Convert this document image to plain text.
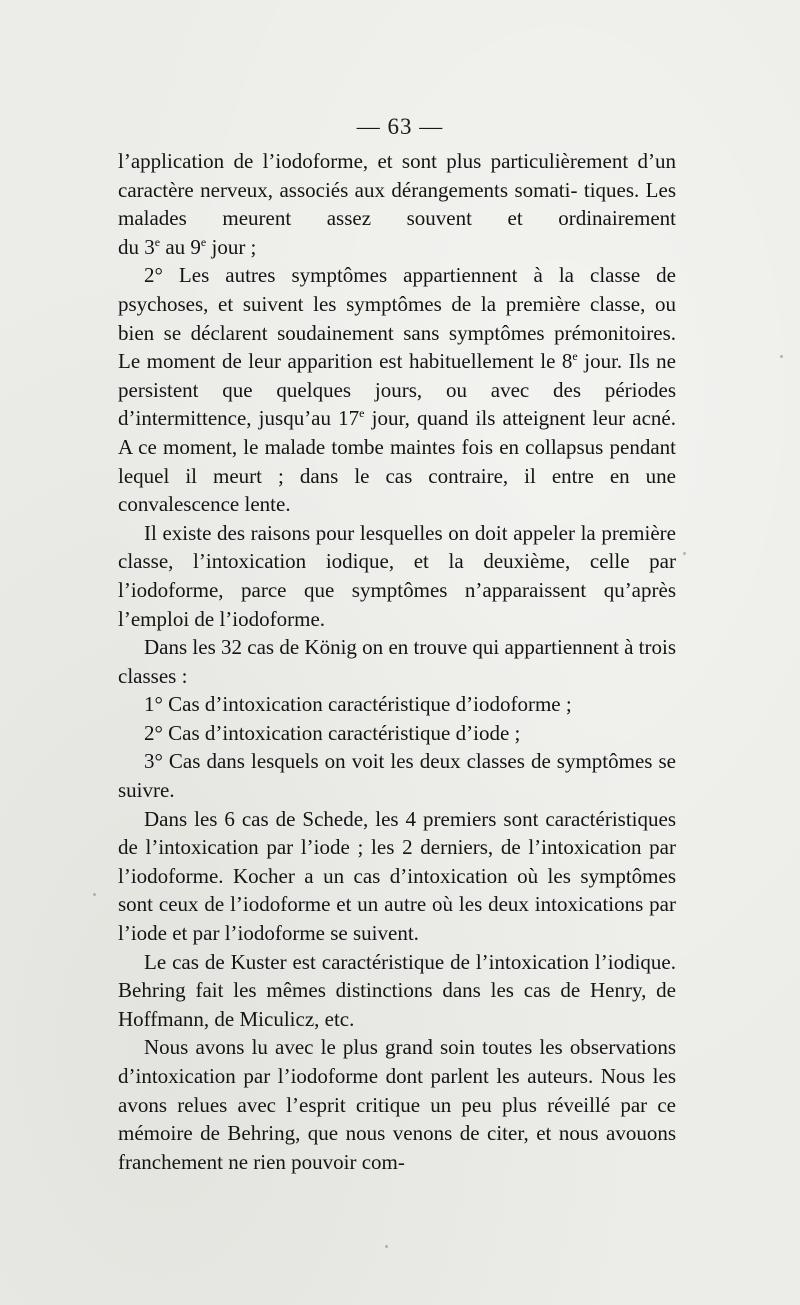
— 63 —

l’application de l’iodoforme, et sont plus particulièrement d’un caractère nerveux, associés aux dérangements somati- tiques. Les malades meurent assez souvent et ordinairement

du 3e au 9e jour ;

2° Les autres symptômes appartiennent à la classe de psychoses, et suivent les symptômes de la première classe, ou bien se déclarent soudainement sans symptômes prémonitoires. Le moment de leur apparition est habituellement le 8e jour. Ils ne persistent que quelques jours, ou avec des périodes d’intermittence, jusqu’au 17e jour, quand ils atteignent leur acné. A ce moment, le malade tombe maintes fois en collapsus pendant lequel il meurt ; dans le cas contraire, il entre en une convalescence lente.

Il existe des raisons pour lesquelles on doit appeler la première classe, l’intoxication iodique, et la deuxième, celle par l’iodoforme, parce que symptômes n’apparaissent qu’après l’emploi de l’iodoforme.

Dans les 32 cas de König on en trouve qui appartiennent à trois classes :

1° Cas d’intoxication caractéristique d’iodoforme ;

2° Cas d’intoxication caractéristique d’iode ;

3° Cas dans lesquels on voit les deux classes de symptômes se suivre.

Dans les 6 cas de Schede, les 4 premiers sont caractéristiques de l’intoxication par l’iode ; les 2 derniers, de l’intoxication par l’iodoforme. Kocher a un cas d’intoxication où les symptômes sont ceux de l’iodoforme et un autre où les deux intoxications par l’iode et par l’iodoforme se suivent.

Le cas de Kuster est caractéristique de l’intoxication l’iodique. Behring fait les mêmes distinctions dans les cas de Henry, de Hoffmann, de Miculicz, etc.

Nous avons lu avec le plus grand soin toutes les observations d’intoxication par l’iodoforme dont parlent les auteurs. Nous les avons relues avec l’esprit critique un peu plus réveillé par ce mémoire de Behring, que nous venons de citer, et nous avouons franchement ne rien pouvoir com-
